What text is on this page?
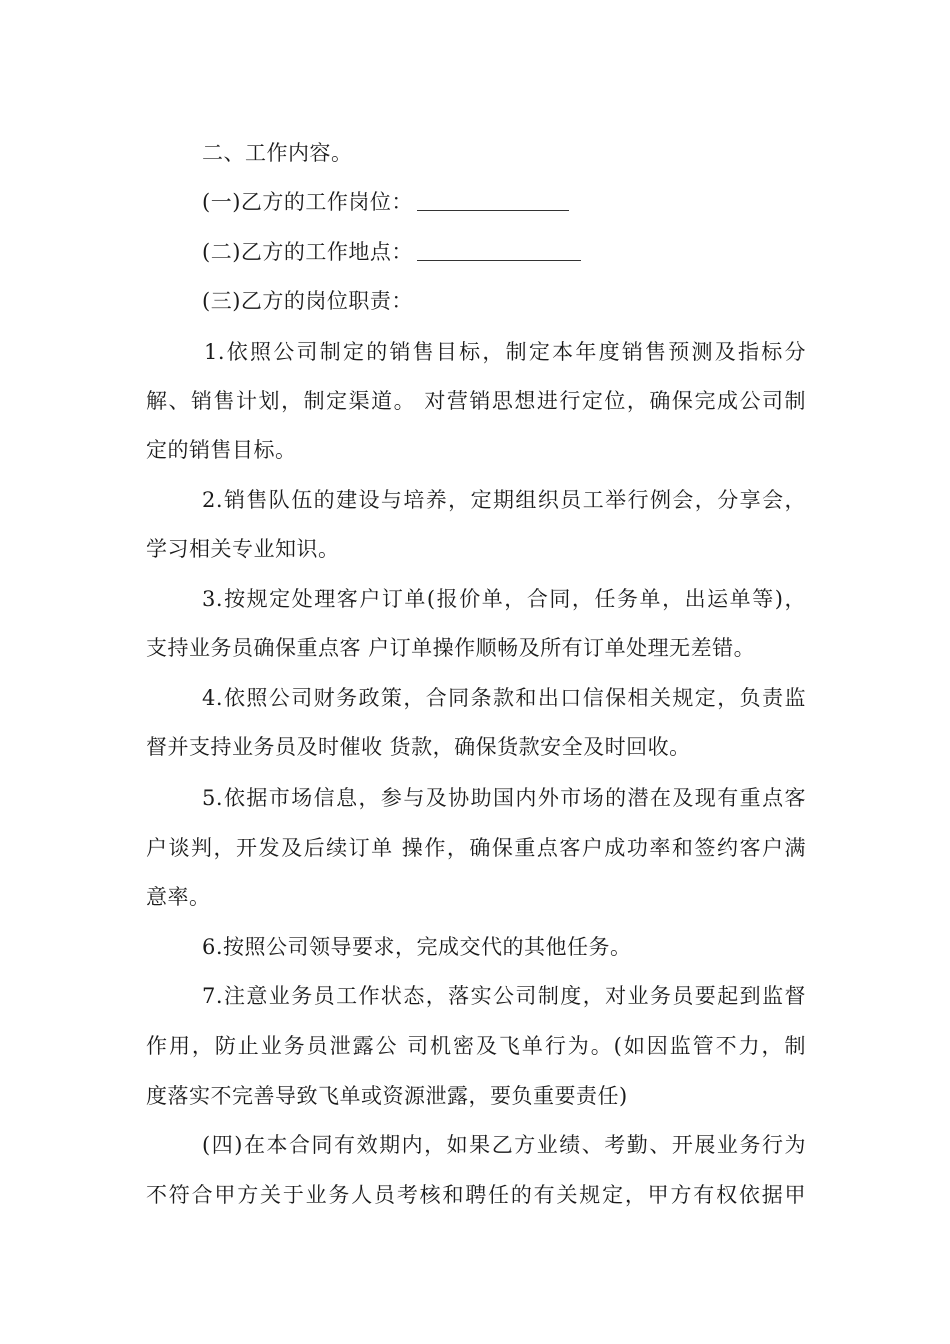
二、工作内容。
(一)乙方的工作岗位：
(二)乙方的工作地点：
(三)乙方的岗位职责：
1.依照公司制定的销售目标，制定本年度销售预测及指标分
解、销售计划，制定渠道。 对营销思想进行定位，确保完成公司制
定的销售目标。
2.销售队伍的建设与培养，定期组织员工举行例会，分享会，
学习相关专业知识。
3.按规定处理客户订单(报价单，合同，任务单，出运单等)，
支持业务员确保重点客 户订单操作顺畅及所有订单处理无差错。
4.依照公司财务政策，合同条款和出口信保相关规定，负责监
督并支持业务员及时催收 货款，确保货款安全及时回收。
5.依据市场信息，参与及协助国内外市场的潜在及现有重点客
户谈判，开发及后续订单 操作，确保重点客户成功率和签约客户满
意率。
6.按照公司领导要求，完成交代的其他任务。
7.注意业务员工作状态，落实公司制度，对业务员要起到监督
作用，防止业务员泄露公 司机密及飞单行为。(如因监管不力，制
度落实不完善导致飞单或资源泄露，要负重要责任)
(四)在本合同有效期内，如果乙方业绩、考勤、开展业务行为
不符合甲方关于业务人员考核和聘任的有关规定，甲方有权依据甲
